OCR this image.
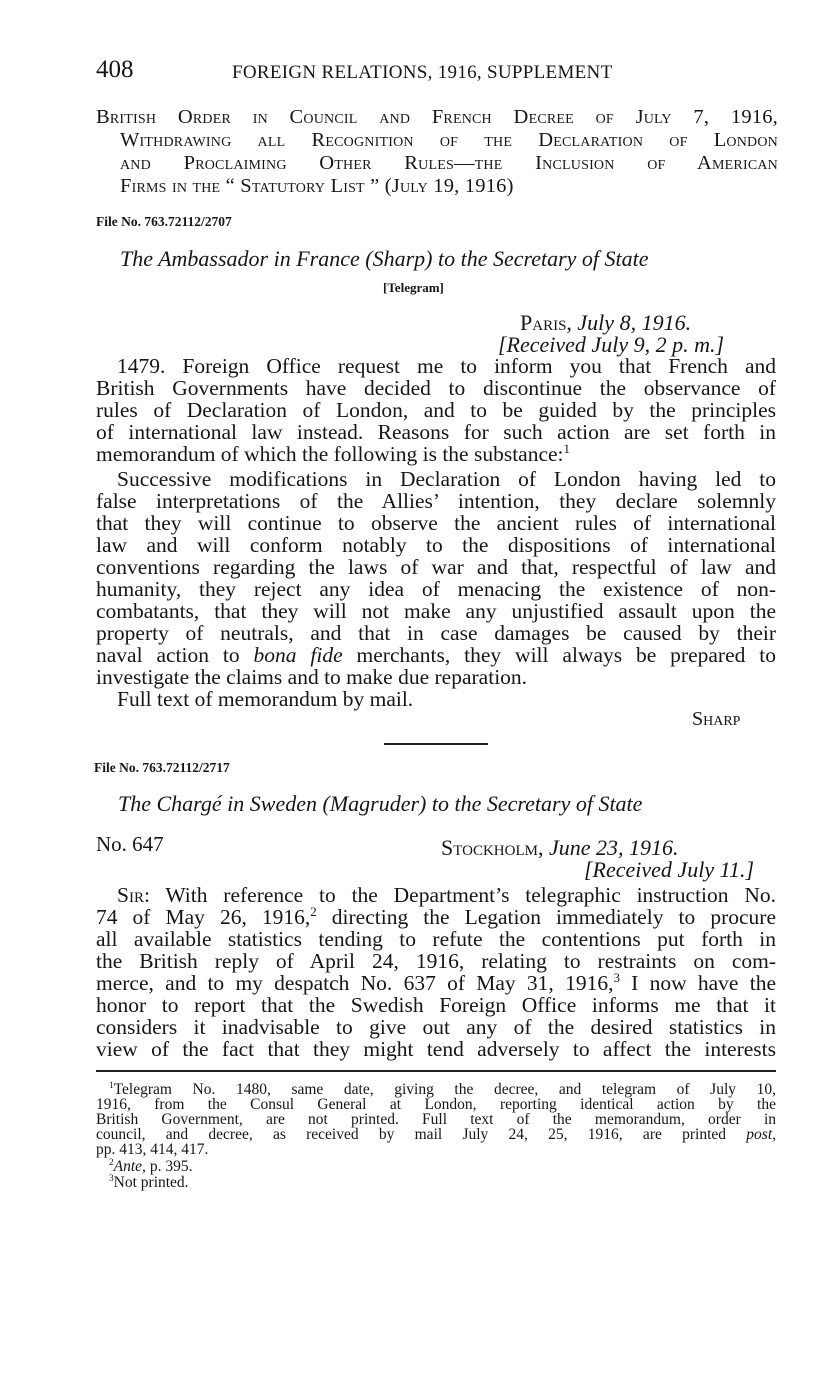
408	FOREIGN RELATIONS, 1916, SUPPLEMENT
British Order in Council and French Decree of July 7, 1916,
Withdrawing all Recognition of the Declaration of London
and Proclaiming Other Rules—the Inclusion of American
Firms in the “ Statutory List ” (July 19, 1916)
File No. 763.72112/2707
The Ambassador in France (Sharp) to the Secretary of State
[Telegram]
Paris, July 8, 1916.
[Received July 9, 2 p. m.]
1479. Foreign Office request me to inform you that French and
British Governments have decided to discontinue the observance of
rules of Declaration of London, and to be guided by the principles
of international law instead. Reasons for such action are set forth in
memorandum of which the following is the substance:$^1$
Successive modifications in Declaration of London having led to
false interpretations of the Allies’ intention, they declare solemnly
that they will continue to observe the ancient rules of international
law and will conform notably to the dispositions of international
conventions regarding the laws of war and that, respectful of law and
humanity, they reject any idea of menacing the existence of non-
combatants, that they will not make any unjustified assault upon the
property of neutrals, and that in case damages be caused by their
naval action to bona fide merchants, they will always be prepared to
investigate the claims and to make due reparation.
Full text of memorandum by mail.
Sharp
File No. 763.72112/2717
The Chargé in Sweden (Magruder) to the Secretary of State
No. 647	Stockholm, June 23, 1916.
[Received July 11.]
Sir: With reference to the Department’s telegraphic instruction No.
74 of May 26, 1916,$^2$ directing the Legation immediately to procure
all available statistics tending to refute the contentions put forth in
the British reply of April 24, 1916, relating to restraints on com-
merce, and to my despatch No. 637 of May 31, 1916,$^3$ I now have the
honor to report that the Swedish Foreign Office informs me that it
considers it inadvisable to give out any of the desired statistics in
view of the fact that they might tend adversely to affect the interests
$^1$Telegram No. 1480, same date, giving the decree, and telegram of July 10,
1916, from the Consul General at London, reporting identical action by the
British Government, are not printed. Full text of the memorandum, order in
council, and decree, as received by mail July 24, 25, 1916, are printed post,
pp. 413, 414, 417.
$^2$Ante, p. 395.
$^3$Not printed.
